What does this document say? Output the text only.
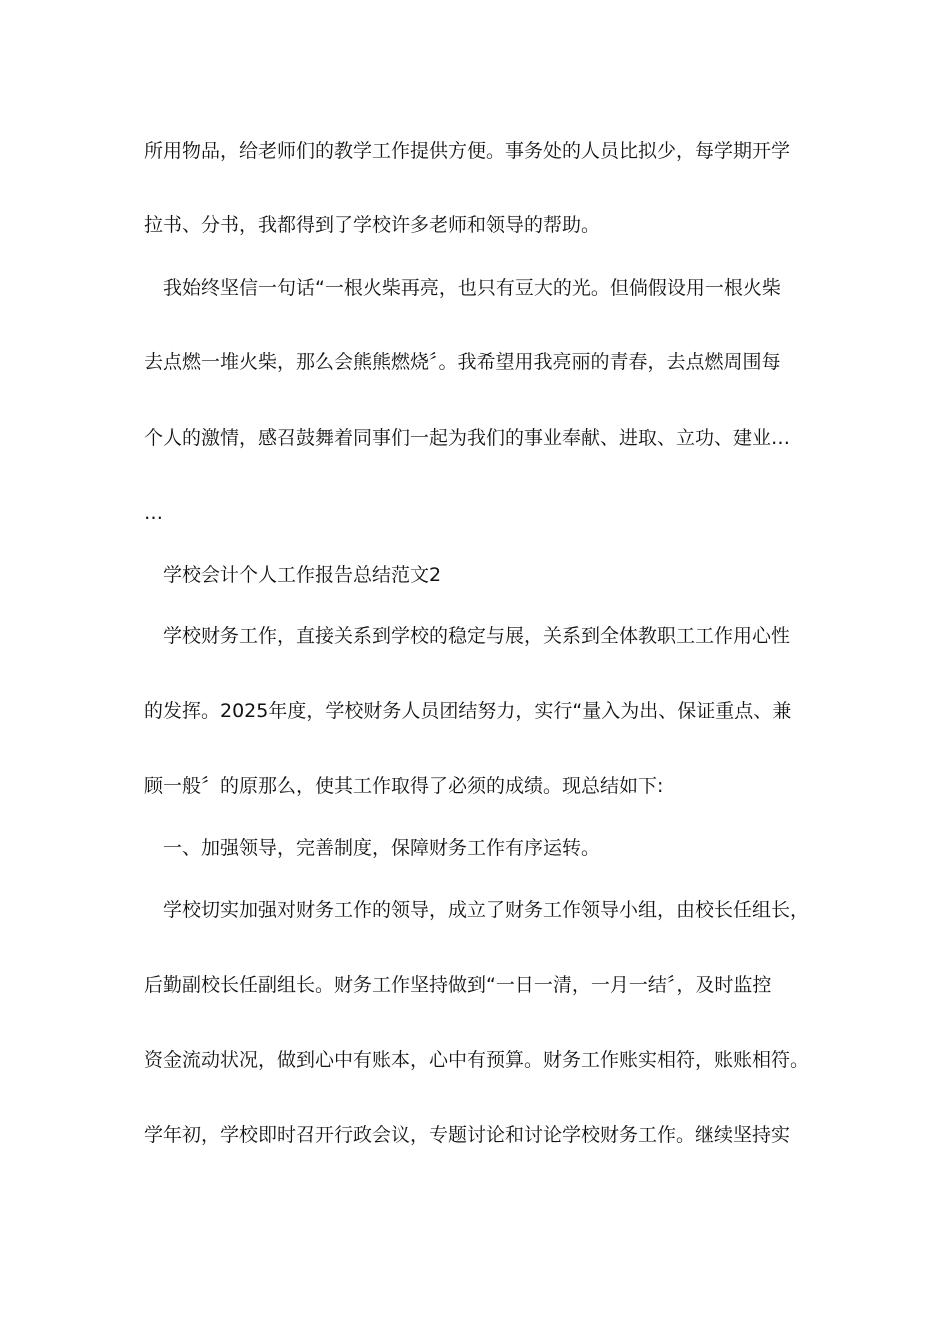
所用物品，给老师们的教学工作提供方便。事务处的人员比拟少，每学期开学
拉书、分书，我都得到了学校许多老师和领导的帮助。
我始终坚信一句话“一根火柴再亮，也只有豆大的光。但倘假设用一根火柴
去点燃一堆火柴，那么会熊熊燃烧〞。我希望用我亮丽的青春，去点燃周围每
个人的激情，感召鼓舞着同事们一起为我们的事业奉献、进取、立功、建业…
…
学校会计个人工作报告总结范文2
学校财务工作，直接关系到学校的稳定与展，关系到全体教职工工作用心性
的发挥。2025年度，学校财务人员团结努力，实行“量入为出、保证重点、兼
顾一般〞的原那么，使其工作取得了必须的成绩。现总结如下:
一、加强领导，完善制度，保障财务工作有序运转。
学校切实加强对财务工作的领导，成立了财务工作领导小组，由校长任组长，
后勤副校长任副组长。财务工作坚持做到“一日一清，一月一结〞，及时监控
资金流动状况，做到心中有账本，心中有预算。财务工作账实相符，账账相符。
学年初，学校即时召开行政会议，专题讨论和讨论学校财务工作。继续坚持实
